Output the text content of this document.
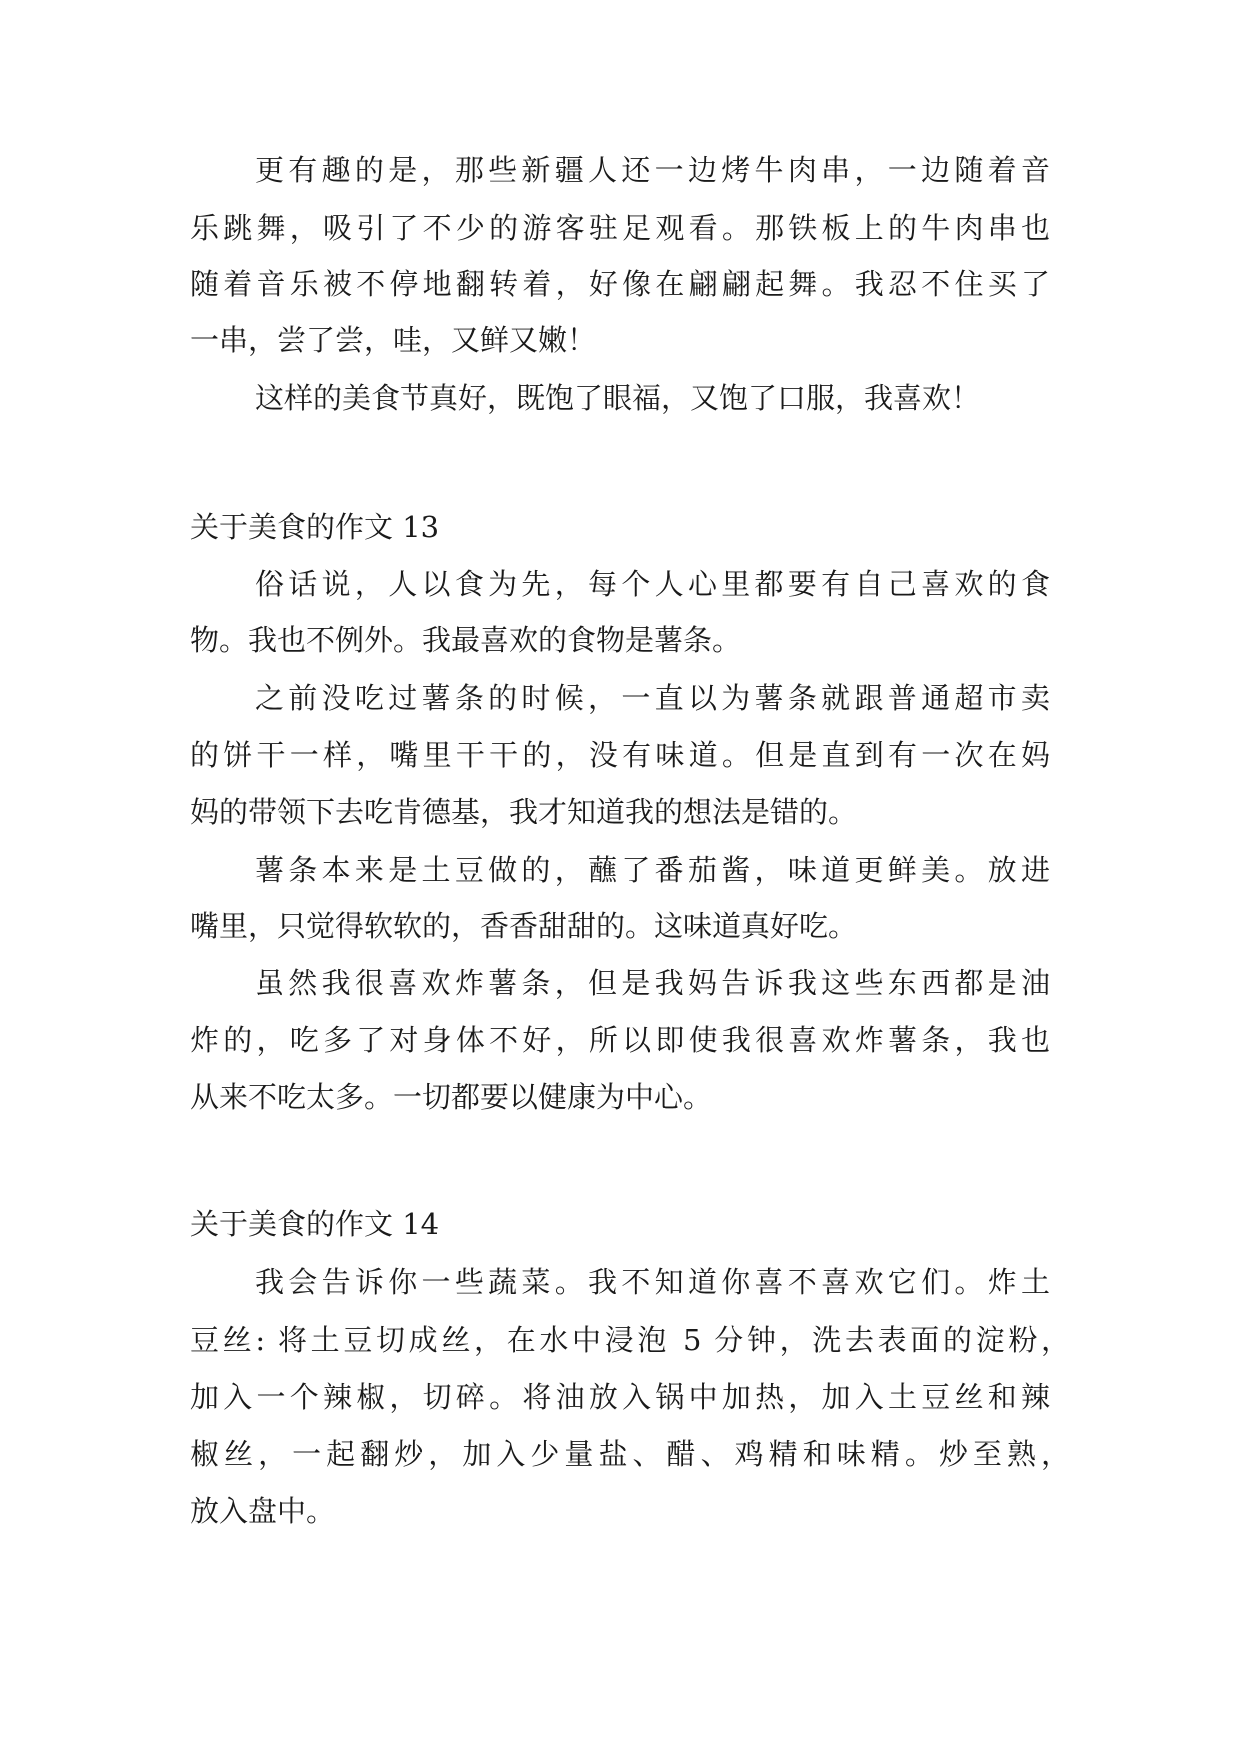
更有趣的是，那些新疆人还一边烤牛肉串，一边随着音
乐跳舞，吸引了不少的游客驻足观看。那铁板上的牛肉串也
随着音乐被不停地翻转着，好像在翩翩起舞。我忍不住买了
一串，尝了尝，哇，又鲜又嫩！
这样的美食节真好，既饱了眼福，又饱了口服，我喜欢！
关于美食的作文 13
俗话说，人以食为先，每个人心里都要有自己喜欢的食
物。我也不例外。我最喜欢的食物是薯条。
之前没吃过薯条的时候，一直以为薯条就跟普通超市卖
的饼干一样，嘴里干干的，没有味道。但是直到有一次在妈
妈的带领下去吃肯德基，我才知道我的想法是错的。
薯条本来是土豆做的，蘸了番茄酱，味道更鲜美。放进
嘴里，只觉得软软的，香香甜甜的。这味道真好吃。
虽然我很喜欢炸薯条，但是我妈告诉我这些东西都是油
炸的，吃多了对身体不好，所以即使我很喜欢炸薯条，我也
从来不吃太多。一切都要以健康为中心。
关于美食的作文 14
我会告诉你一些蔬菜。我不知道你喜不喜欢它们。炸土
豆丝: 将土豆切成丝，在水中浸泡 5 分钟，洗去表面的淀粉，
加入一个辣椒，切碎。将油放入锅中加热，加入土豆丝和辣
椒丝，一起翻炒，加入少量盐、醋、鸡精和味精。炒至熟，
放入盘中。
